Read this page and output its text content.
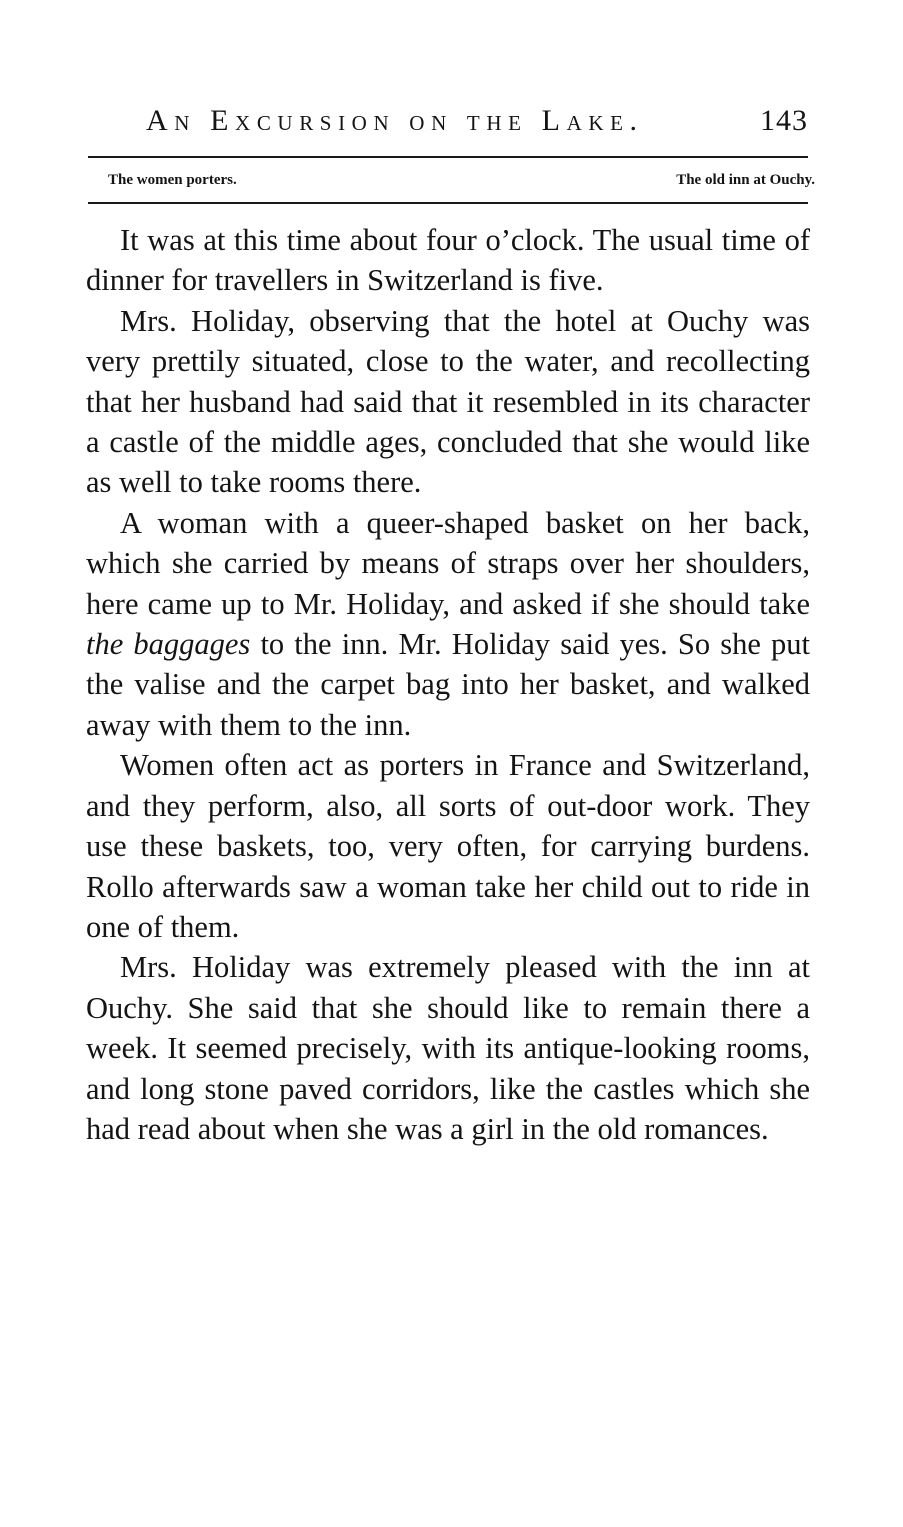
An Excursion on the Lake.	143
The women porters.	The old inn at Ouchy.

It was at this time about four o’clock. The usual time of dinner for travellers in Switzerland is five.

Mrs. Holiday, observing that the hotel at Ouchy was very prettily situated, close to the water, and recollecting that her husband had said that it resembled in its character a castle of the middle ages, concluded that she would like as well to take rooms there.

A woman with a queer-shaped basket on her back, which she carried by means of straps over her shoulders, here came up to Mr. Holiday, and asked if she should take the baggages to the inn. Mr. Holiday said yes. So she put the valise and the carpet bag into her basket, and walked away with them to the inn.

Women often act as porters in France and Switzerland, and they perform, also, all sorts of out-door work. They use these baskets, too, very often, for carrying burdens. Rollo afterwards saw a woman take her child out to ride in one of them.

Mrs. Holiday was extremely pleased with the inn at Ouchy. She said that she should like to remain there a week. It seemed precisely, with its antique-looking rooms, and long stone paved corridors, like the castles which she had read about when she was a girl in the old romances.
